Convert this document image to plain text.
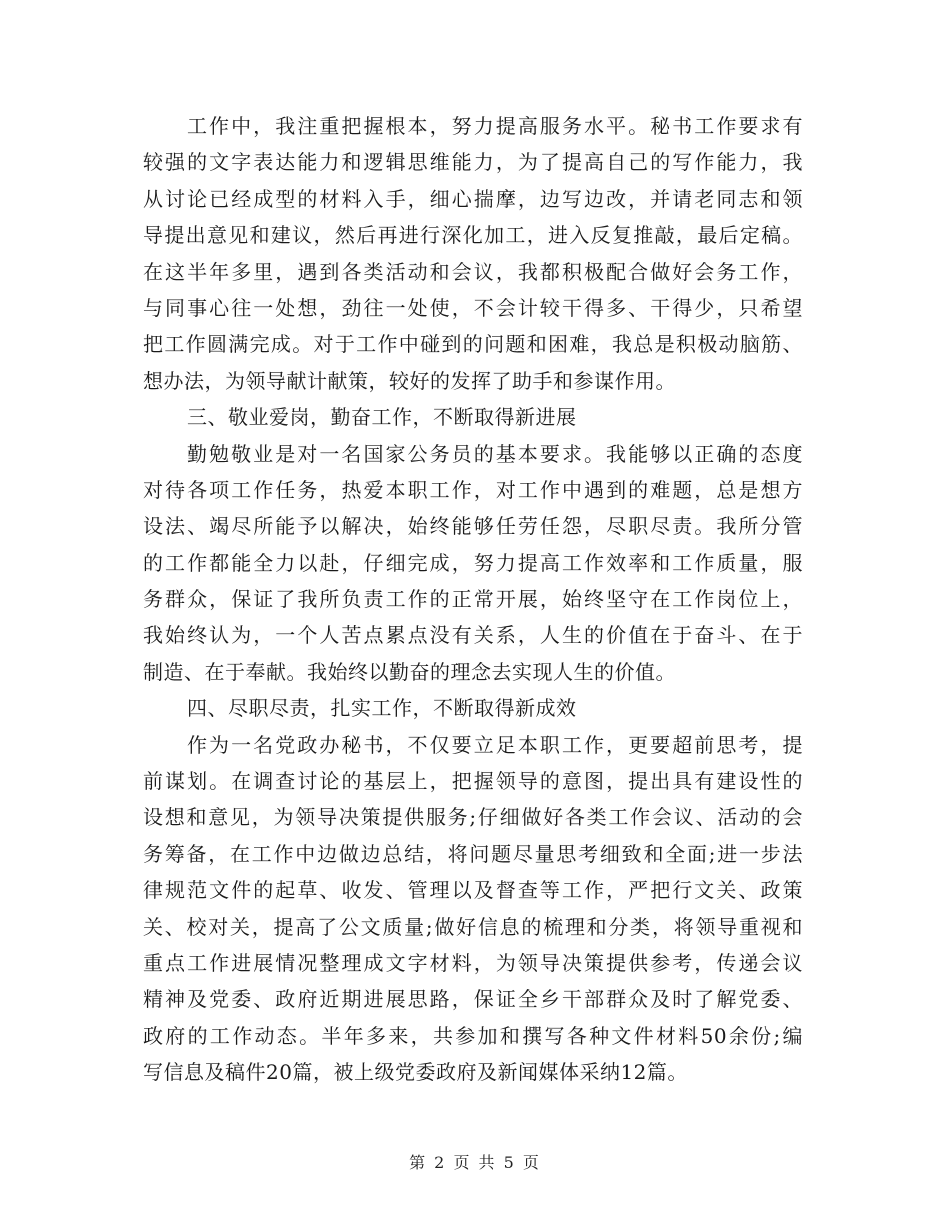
工作中，我注重把握根本，努力提高服务水平。秘书工作要求有
较强的文字表达能力和逻辑思维能力，为了提高自己的写作能力，我
从讨论已经成型的材料入手，细心揣摩，边写边改，并请老同志和领
导提出意见和建议，然后再进行深化加工，进入反复推敲，最后定稿。
在这半年多里，遇到各类活动和会议，我都积极配合做好会务工作，
与同事心往一处想，劲往一处使，不会计较干得多、干得少，只希望
把工作圆满完成。对于工作中碰到的问题和困难，我总是积极动脑筋、
想办法，为领导献计献策，较好的发挥了助手和参谋作用。
三、敬业爱岗，勤奋工作，不断取得新进展
勤勉敬业是对一名国家公务员的基本要求。我能够以正确的态度
对待各项工作任务，热爱本职工作，对工作中遇到的难题，总是想方
设法、竭尽所能予以解决，始终能够任劳任怨，尽职尽责。我所分管
的工作都能全力以赴，仔细完成，努力提高工作效率和工作质量，服
务群众，保证了我所负责工作的正常开展，始终坚守在工作岗位上，
我始终认为，一个人苦点累点没有关系，人生的价值在于奋斗、在于
制造、在于奉献。我始终以勤奋的理念去实现人生的价值。
四、尽职尽责，扎实工作，不断取得新成效
作为一名党政办秘书，不仅要立足本职工作，更要超前思考，提
前谋划。在调查讨论的基层上，把握领导的意图，提出具有建设性的
设想和意见，为领导决策提供服务;仔细做好各类工作会议、活动的会
务筹备，在工作中边做边总结，将问题尽量思考细致和全面;进一步法
律规范文件的起草、收发、管理以及督查等工作，严把行文关、政策
关、校对关，提高了公文质量;做好信息的梳理和分类，将领导重视和
重点工作进展情况整理成文字材料，为领导决策提供参考，传递会议
精神及党委、政府近期进展思路，保证全乡干部群众及时了解党委、
政府的工作动态。半年多来，共参加和撰写各种文件材料50余份;编
写信息及稿件20篇，被上级党委政府及新闻媒体采纳12篇。
第 2 页 共 5 页
